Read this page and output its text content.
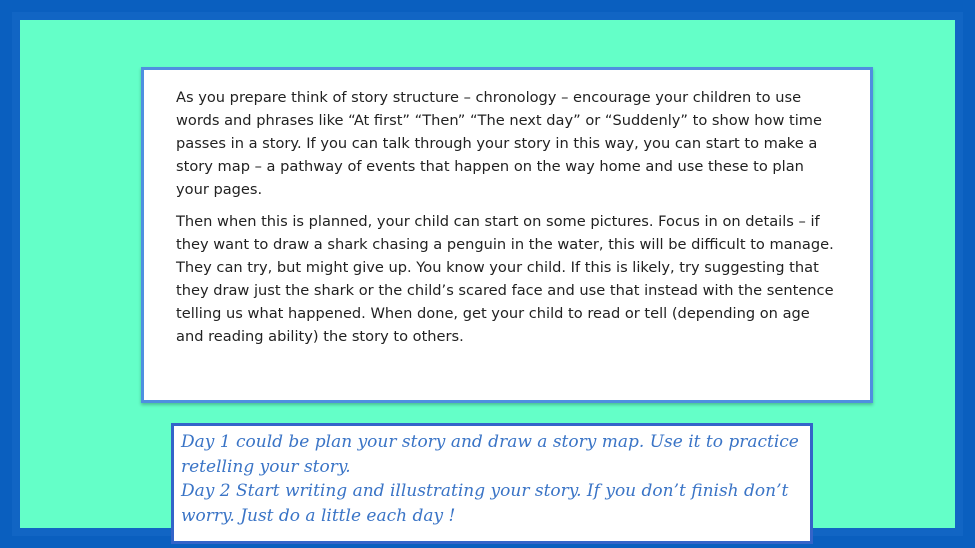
As you prepare think of story structure – chronology – encourage your children to use words and phrases like “At first” “Then” “The next day” or “Suddenly” to show how time passes in a story. If you can talk through your story in this way, you can start to make a story map – a pathway of events that happen on the way home and use these to plan your pages.

Then when this is planned, your child can start on some pictures. Focus in on details – if they want to draw a shark chasing a penguin in the water, this will be difficult to manage. They can try, but might give up. You know your child. If this is likely, try suggesting that they draw just the shark or the child’s scared face and use that instead with the sentence telling us what happened. When done, get your child to read or tell (depending on age and reading ability) the story to others.

Day 1 could be plan your story and draw a story map. Use it to practice retelling your story.

Day 2 Start writing and illustrating your story. If you don’t finish don’t worry. Just do a little each day !
